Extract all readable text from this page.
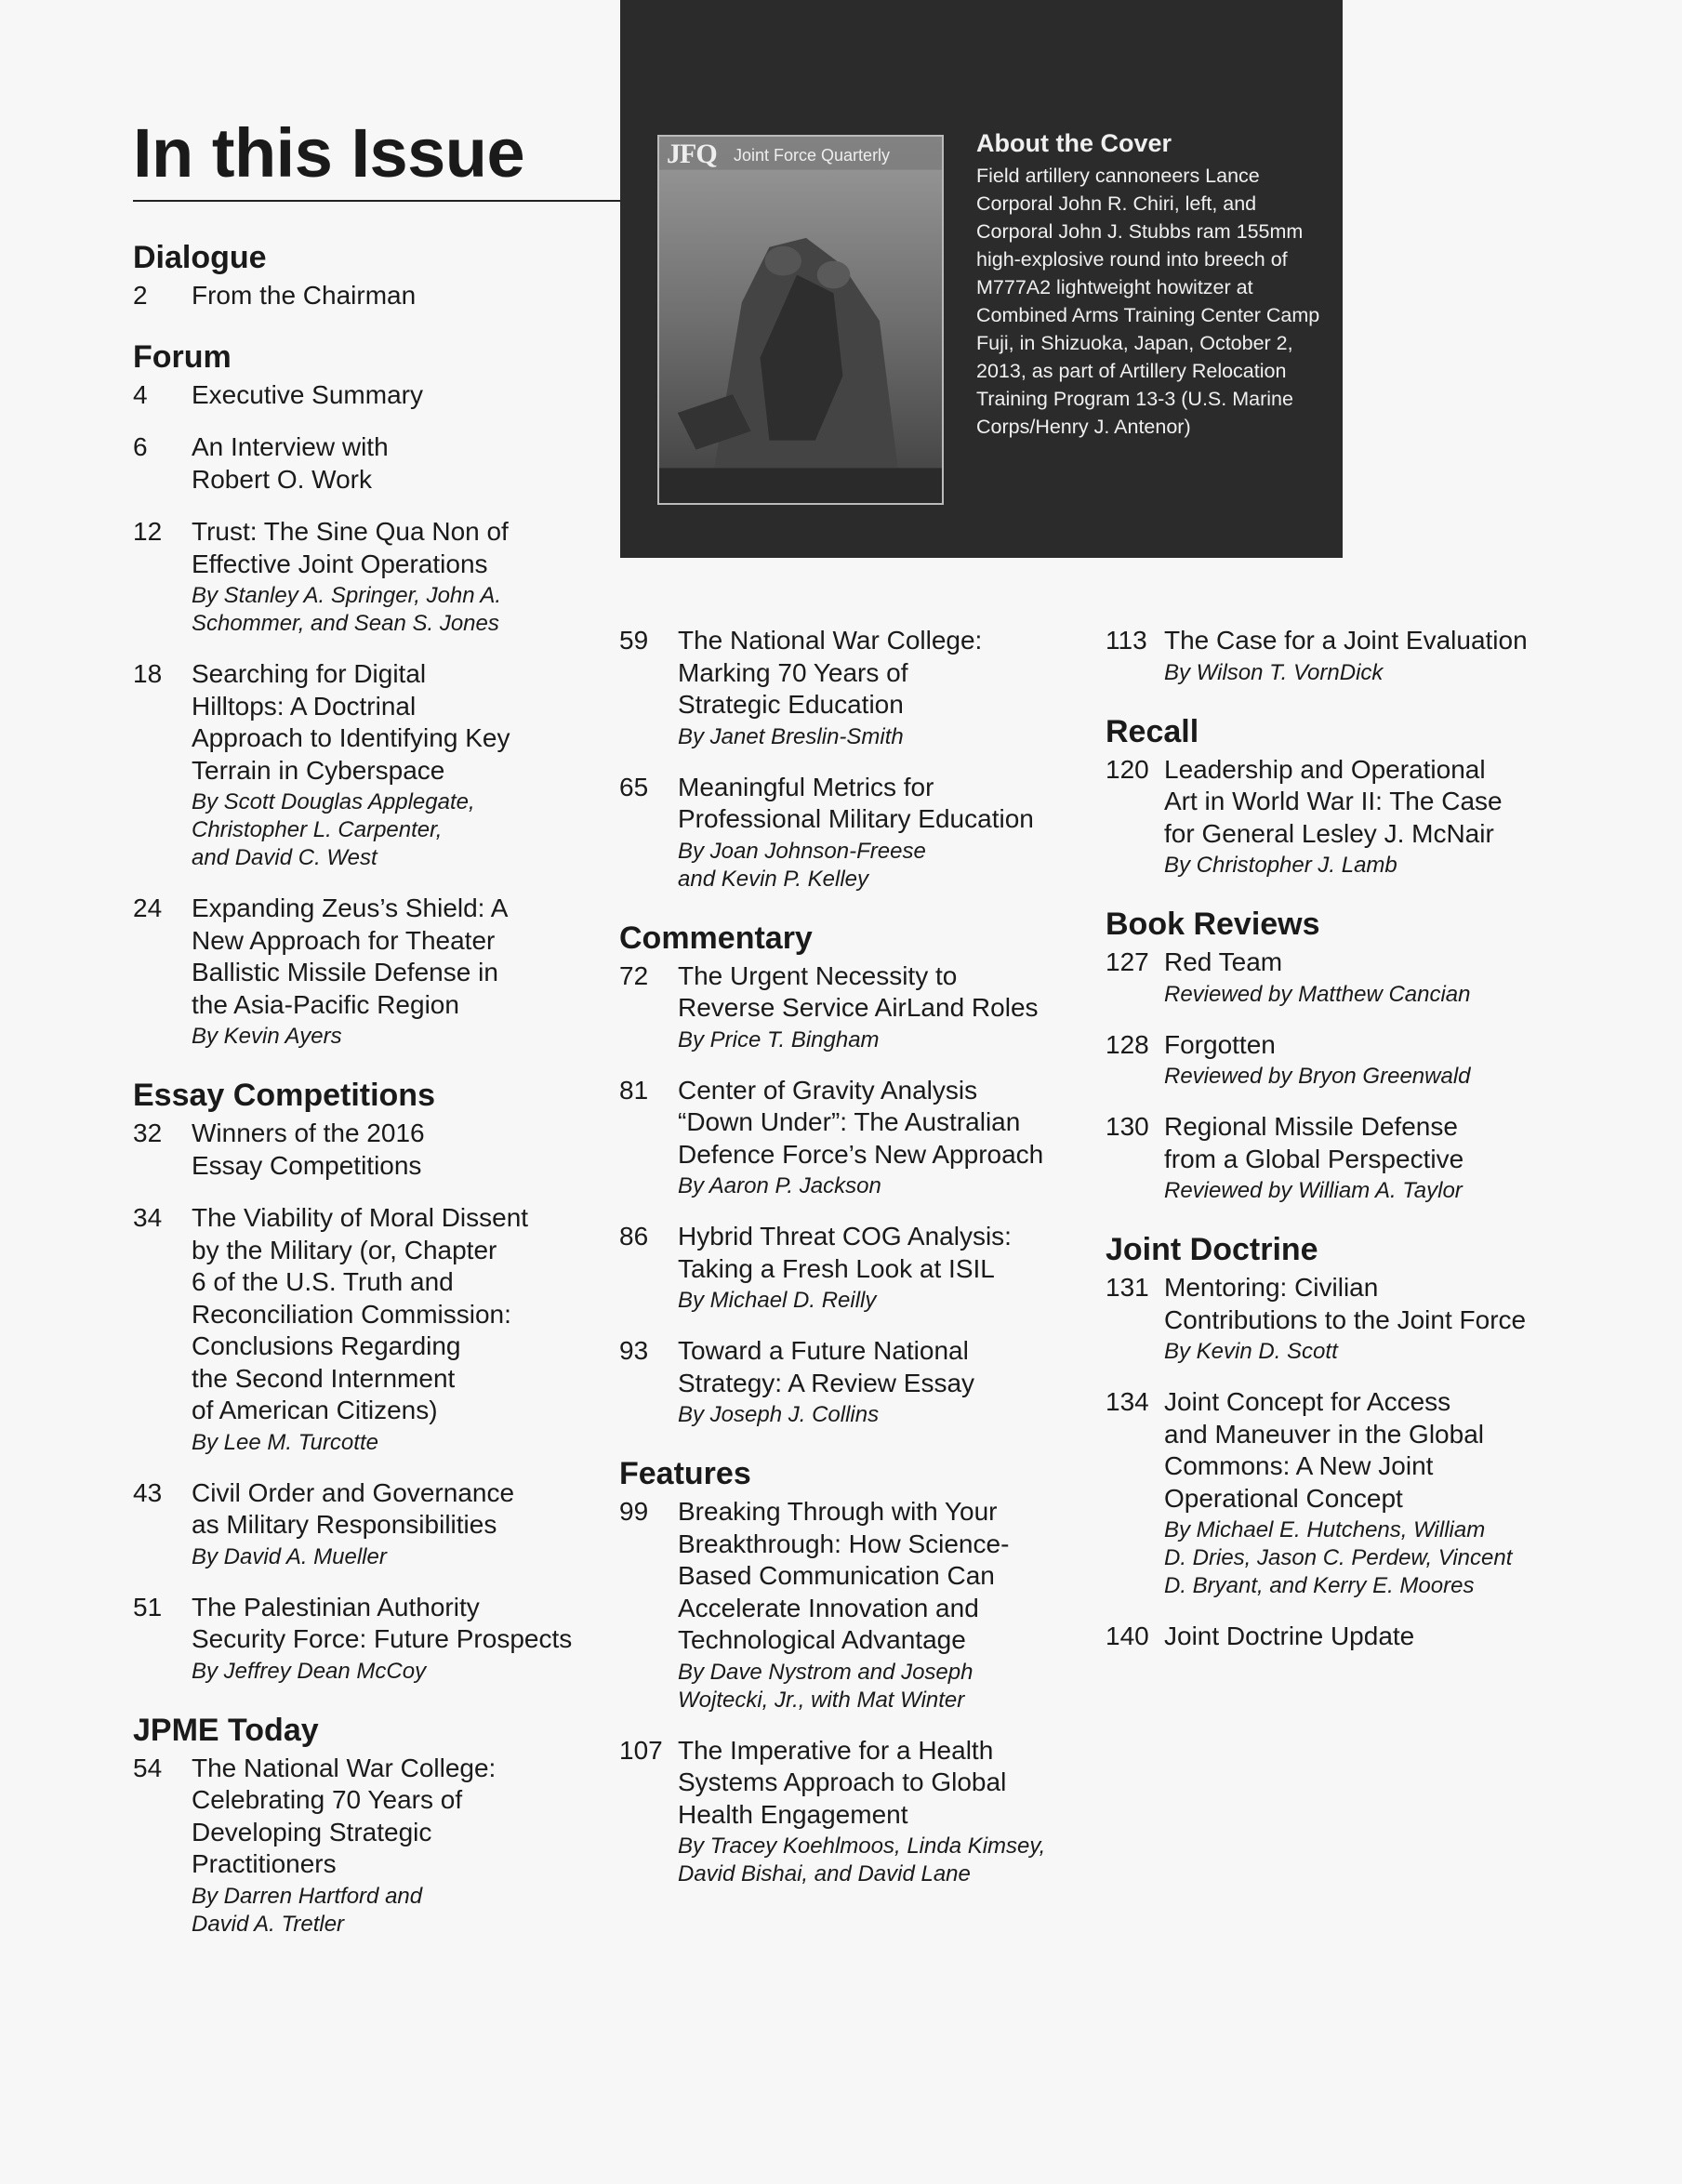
In this Issue	JFQ Joint Force Quarterly	About the Cover

Field artillery cannoneers Lance Corporal John R. Chiri, left, and Corporal John J. Stubbs ram 155mm high-explosive round into breech of M777A2 lightweight howitzer at Combined Arms Training Center Camp Fuji, in Shizuoka, Japan, October 2, 2013, as part of Artillery Relocation Training Program 13-3 (U.S. Marine Corps/Henry J. Antenor)

Dialogue
2	From the Chairman
Forum
4	Executive Summary
6	An Interview with
Robert O. Work
12	Trust: The Sine Qua Non of
Effective Joint Operations
By Stanley A. Springer, John A.
Schommer, and Sean S. Jones
18	Searching for Digital
Hilltops: A Doctrinal
Approach to Identifying Key
Terrain in Cyberspace
By Scott Douglas Applegate,
Christopher L. Carpenter,
and David C. West
24	Expanding Zeus’s Shield: A
New Approach for Theater
Ballistic Missile Defense in
the Asia-Pacific Region
By Kevin Ayers
Essay Competitions
32	Winners of the 2016
Essay Competitions
34	The Viability of Moral Dissent
by the Military (or, Chapter
6 of the U.S. Truth and
Reconciliation Commission:
Conclusions Regarding
the Second Internment
of American Citizens)
By Lee M. Turcotte
43	Civil Order and Governance
as Military Responsibilities
By David A. Mueller
51	The Palestinian Authority
Security Force: Future Prospects
By Jeffrey Dean McCoy
JPME Today
54	The National War College:
Celebrating 70 Years of
Developing Strategic
Practitioners
By Darren Hartford and
David A. Tretler
59	The National War College:
Marking 70 Years of
Strategic Education
By Janet Breslin-Smith
65	Meaningful Metrics for
Professional Military Education
By Joan Johnson-Freese
and Kevin P. Kelley
Commentary
72	The Urgent Necessity to
Reverse Service AirLand Roles
By Price T. Bingham
81	Center of Gravity Analysis
“Down Under”: The Australian
Defence Force’s New Approach
By Aaron P. Jackson
86	Hybrid Threat COG Analysis:
Taking a Fresh Look at ISIL
By Michael D. Reilly
93	Toward a Future National
Strategy: A Review Essay
By Joseph J. Collins
Features
99	Breaking Through with Your
Breakthrough: How Science-
Based Communication Can
Accelerate Innovation and
Technological Advantage
By Dave Nystrom and Joseph
Wojtecki, Jr., with Mat Winter
107 The Imperative for a Health
Systems Approach to Global
Health Engagement
By Tracey Koehlmoos, Linda Kimsey,
David Bishai, and David Lane
113 The Case for a Joint Evaluation
By Wilson T. VornDick
Recall
120 Leadership and Operational
Art in World War II: The Case
for General Lesley J. McNair
By Christopher J. Lamb
Book Reviews
127 Red Team
Reviewed by Matthew Cancian
128 Forgotten
Reviewed by Bryon Greenwald
130 Regional Missile Defense
from a Global Perspective
Reviewed by William A. Taylor
Joint Doctrine
131 Mentoring: Civilian
Contributions to the Joint Force
By Kevin D. Scott
134 Joint Concept for Access
and Maneuver in the Global
Commons: A New Joint
Operational Concept
By Michael E. Hutchens, William
D. Dries, Jason C. Perdew, Vincent
D. Bryant, and Kerry E. Moores
140 Joint Doctrine Update
